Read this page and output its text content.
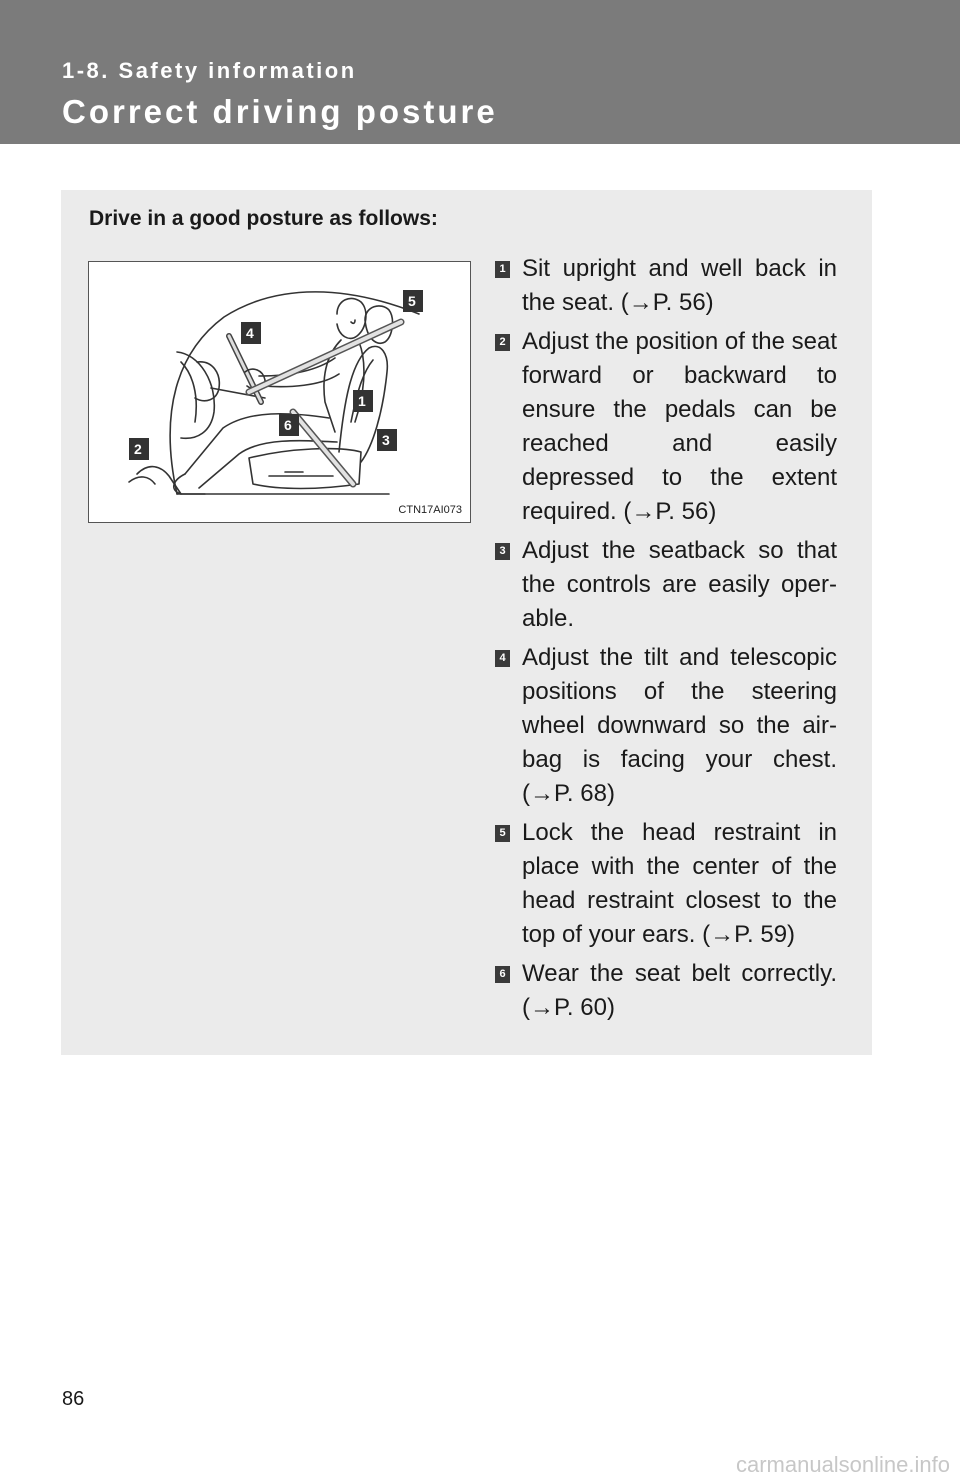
1-8. Safety information
Correct driving posture
Drive in a good posture as follows:
5
4
1
6
3
2
CTN17AI073
1 Sit upright and well back in the seat. (→P. 56)
2 Adjust the position of the seat forward or backward to ensure the pedals can be reached and easily depressed to the extent required. (→P. 56)
3 Adjust the seatback so that the controls are easily oper-able.
4 Adjust the tilt and telescopic positions of the steering wheel downward so the air-bag is facing your chest. (→P. 68)
5 Lock the head restraint in place with the center of the head restraint closest to the top of your ears. (→P. 59)
6 Wear the seat belt correctly. (→P. 60)
86
carmanualsonline.info
